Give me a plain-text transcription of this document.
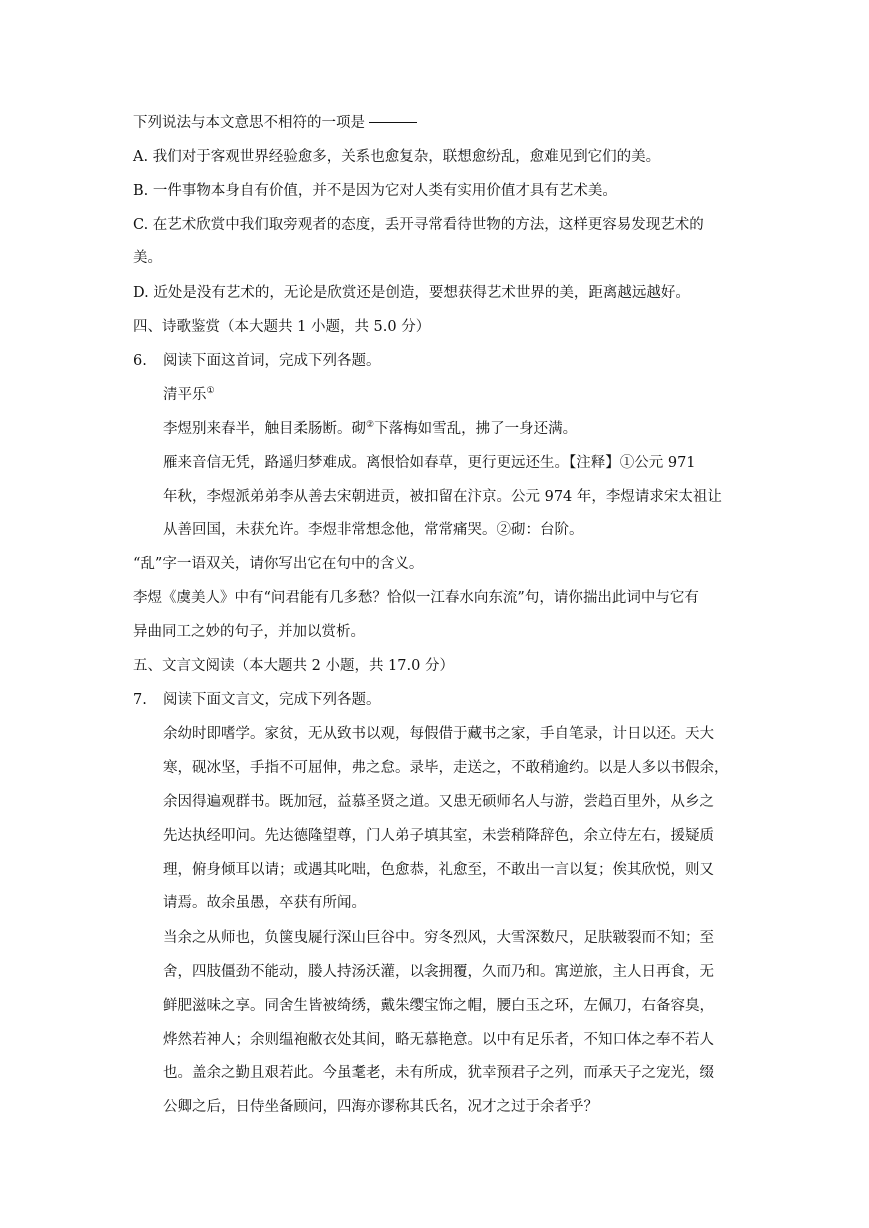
下列说法与本文意思不相符的一项是
A. 我们对于客观世界经验愈多，关系也愈复杂，联想愈纷乱，愈难见到它们的美。
B. 一件事物本身自有价值，并不是因为它对人类有实用价值才具有艺术美。
C. 在艺术欣赏中我们取旁观者的态度，丢开寻常看待世物的方法，这样更容易发现艺术的
美。
D. 近处是没有艺术的，无论是欣赏还是创造，要想获得艺术世界的美，距离越远越好。
四、诗歌鉴赏（本大题共 1 小题，共 5.0 分）
6. 阅读下面这首词，完成下列各题。
清平乐①
李煜别来春半，触目柔肠断。砌②下落梅如雪乱，拂了一身还满。
雁来音信无凭，路遥归梦难成。离恨恰如春草，更行更远还生。【注释】①公元 971
年秋，李煜派弟弟李从善去宋朝进贡，被扣留在汴京。公元 974 年，李煜请求宋太祖让
从善回国，未获允许。李煜非常想念他，常常痛哭。②砌：台阶。
“乱”字一语双关，请你写出它在句中的含义。
李煜《虞美人》中有“问君能有几多愁？恰似一江春水向东流”句，请你揣出此词中与它有
异曲同工之妙的句子，并加以赏析。
五、文言文阅读（本大题共 2 小题，共 17.0 分）
7. 阅读下面文言文，完成下列各题。
余幼时即嗜学。家贫，无从致书以观，每假借于藏书之家，手自笔录，计日以还。天大
寒，砚冰坚，手指不可屈伸，弗之怠。录毕，走送之，不敢稍逾约。以是人多以书假余，
余因得遍观群书。既加冠，益慕圣贤之道。又患无硕师名人与游，尝趋百里外，从乡之
先达执经叩问。先达德隆望尊，门人弟子填其室，未尝稍降辞色，余立侍左右，援疑质
理，俯身倾耳以请；或遇其叱咄，色愈恭，礼愈至，不敢出一言以复；俟其欣悦，则又
请焉。故余虽愚，卒获有所闻。
当余之从师也，负箧曳屣行深山巨谷中。穷冬烈风，大雪深数尺，足肤皲裂而不知；至
舍，四肢僵劲不能动，媵人持汤沃灌，以衾拥覆，久而乃和。寓逆旅，主人日再食，无
鲜肥滋味之享。同舍生皆被绮绣，戴朱缨宝饰之帽，腰白玉之环，左佩刀，右备容臭，
烨然若神人；余则缊袍敝衣处其间，略无慕艳意。以中有足乐者，不知口体之奉不若人
也。盖余之勤且艰若此。今虽耄老，未有所成，犹幸预君子之列，而承天子之宠光，缀
公卿之后，日侍坐备顾问，四海亦谬称其氏名，况才之过于余者乎？
